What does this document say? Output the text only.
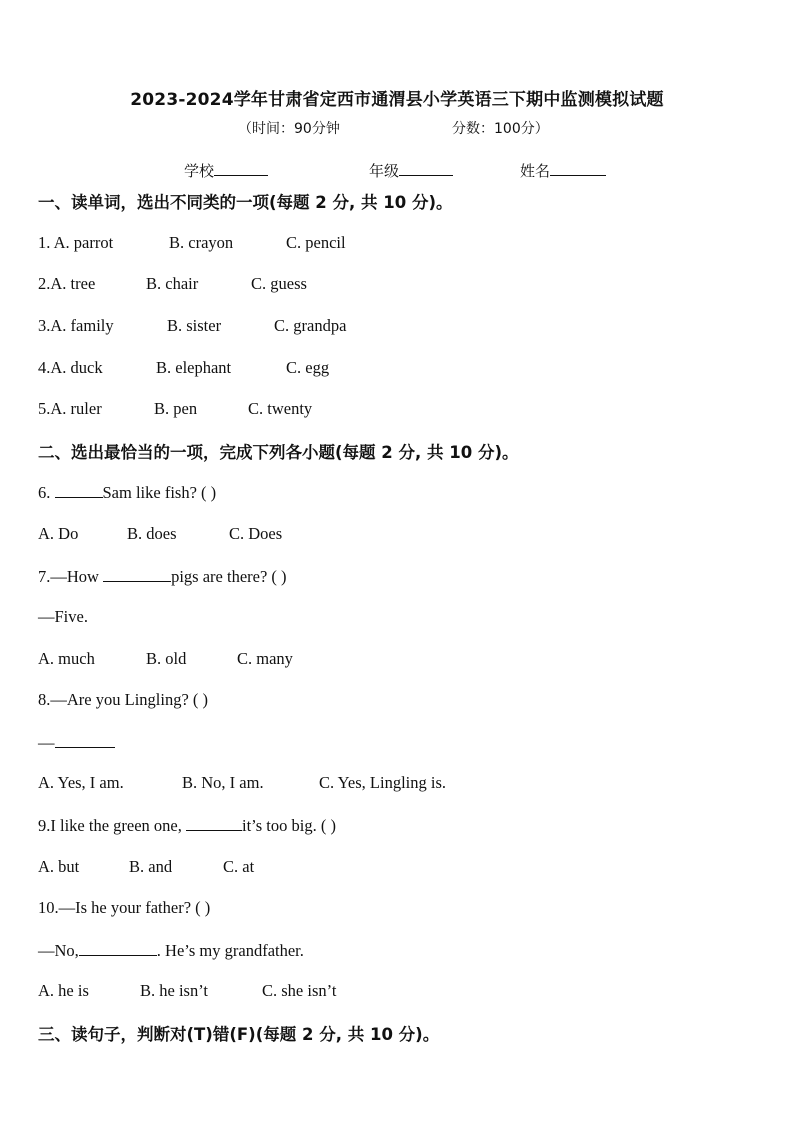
2023-2024学年甘肃省定西市通渭县小学英语三下期中监测模拟试题
（时间：90分钟	分数：100分）
学校	年级	姓名
一、读单词，选出不同类的一项(每题 2 分, 共 10 分)。
1. A. parrot	B. crayon	C. pencil
2.A. tree	B. chair	C. guess
3.A. family	B. sister	C. grandpa
4.A. duck	B. elephant	C. egg
5.A. ruler	B. pen	C. twenty
二、选出最恰当的一项，完成下列各小题(每题 2 分, 共 10 分)。
6.	Sam like fish? ( )
A. Do	B. does	C. Does
7.—How	pigs are there? ( )
—Five.
A. much	B. old	C. many
8.—Are you Lingling? ( )
—
A. Yes, I am.	B. No, I am.	C. Yes, Lingling is.
9.I like the green one,	it’s too big. ( )
A. but	B. and	C. at
10.—Is he your father? ( )
—No,	. He’s my grandfather.
A. he is	B. he isn’t	C. she isn’t
三、读句子，判断对(T)错(F)(每题 2 分, 共 10 分)。
